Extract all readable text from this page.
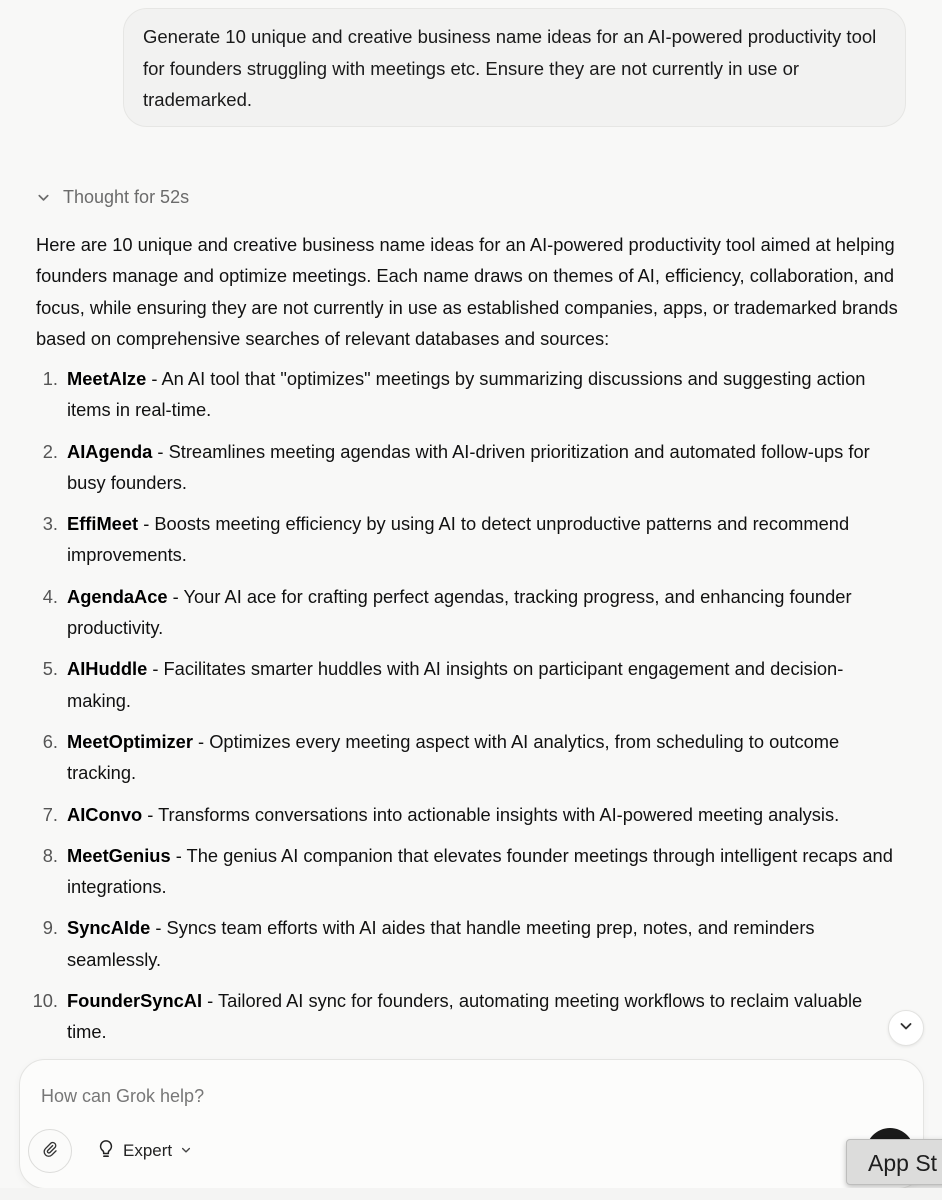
Generate 10 unique and creative business name ideas for an AI-powered productivity tool for founders struggling with meetings etc. Ensure they are not currently in use or trademarked.
Thought for 52s

Here are 10 unique and creative business name ideas for an AI-powered productivity tool aimed at helping founders manage and optimize meetings. Each name draws on themes of AI, efficiency, collaboration, and focus, while ensuring they are not currently in use as established companies, apps, or trademarked brands based on comprehensive searches of relevant databases and sources:

1. MeetAIze - An AI tool that "optimizes" meetings by summarizing discussions and suggesting action items in real-time.
2. AIAgenda - Streamlines meeting agendas with AI-driven prioritization and automated follow-ups for busy founders.
3. EffiMeet - Boosts meeting efficiency by using AI to detect unproductive patterns and recommend improvements.
4. AgendaAce - Your AI ace for crafting perfect agendas, tracking progress, and enhancing founder productivity.
5. AIHuddle - Facilitates smarter huddles with AI insights on participant engagement and decision-making.
6. MeetOptimizer - Optimizes every meeting aspect with AI analytics, from scheduling to outcome tracking.
7. AIConvo - Transforms conversations into actionable insights with AI-powered meeting analysis.
8. MeetGenius - The genius AI companion that elevates founder meetings through intelligent recaps and integrations.
9. SyncAIde - Syncs team efforts with AI aides that handle meeting prep, notes, and reminders seamlessly.
10. FounderSyncAI - Tailored AI sync for founders, automating meeting workflows to reclaim valuable time.
How can Grok help?
Expert	App St
